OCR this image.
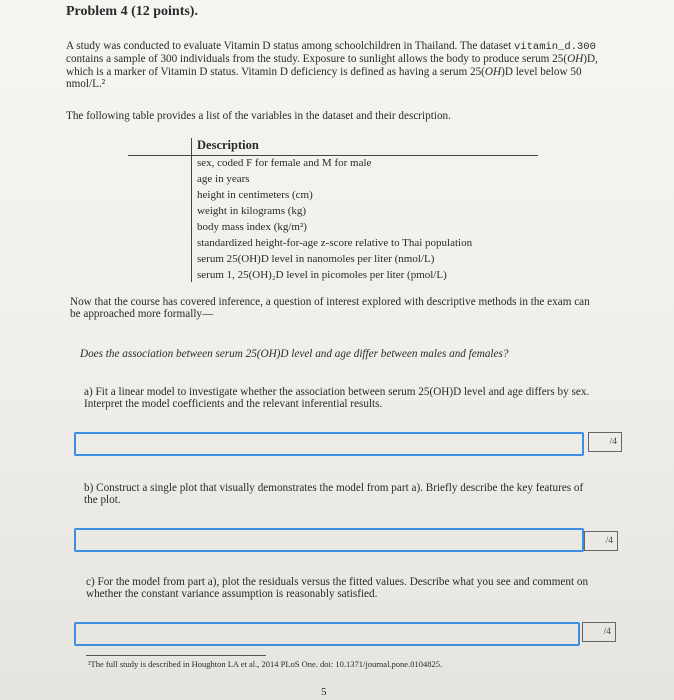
Problem 4 (12 points).
A study was conducted to evaluate Vitamin D status among schoolchildren in Thailand. The dataset vitamin_d.300 contains a sample of 300 individuals from the study. Exposure to sunlight allows the body to produce serum 25(OH)D, which is a marker of Vitamin D status. Vitamin D deficiency is defined as having a serum 25(OH)D level below 50 nmol/L.²
The following table provides a list of the variables in the dataset and their description.
Description
sex, coded F for female and M for male
age in years
height in centimeters (cm)
weight in kilograms (kg)
body mass index (kg/m²)
standardized height-for-age z-score relative to Thai population
serum 25(OH)D level in nanomoles per liter (nmol/L)
serum 1, 25(OH)₂D level in picomoles per liter (pmol/L)
Now that the course has covered inference, a question of interest explored with descriptive methods in the exam can be approached more formally—
Does the association between serum 25(OH)D level and age differ between males and females?
a) Fit a linear model to investigate whether the association between serum 25(OH)D level and age differs by sex. Interpret the model coefficients and the relevant inferential results.
/4
b) Construct a single plot that visually demonstrates the model from part a). Briefly describe the key features of the plot.
/4
c) For the model from part a), plot the residuals versus the fitted values. Describe what you see and comment on whether the constant variance assumption is reasonably satisfied.
/4
²The full study is described in Houghton LA et al., 2014 PLoS One. doi: 10.1371/journal.pone.0104825.
5
